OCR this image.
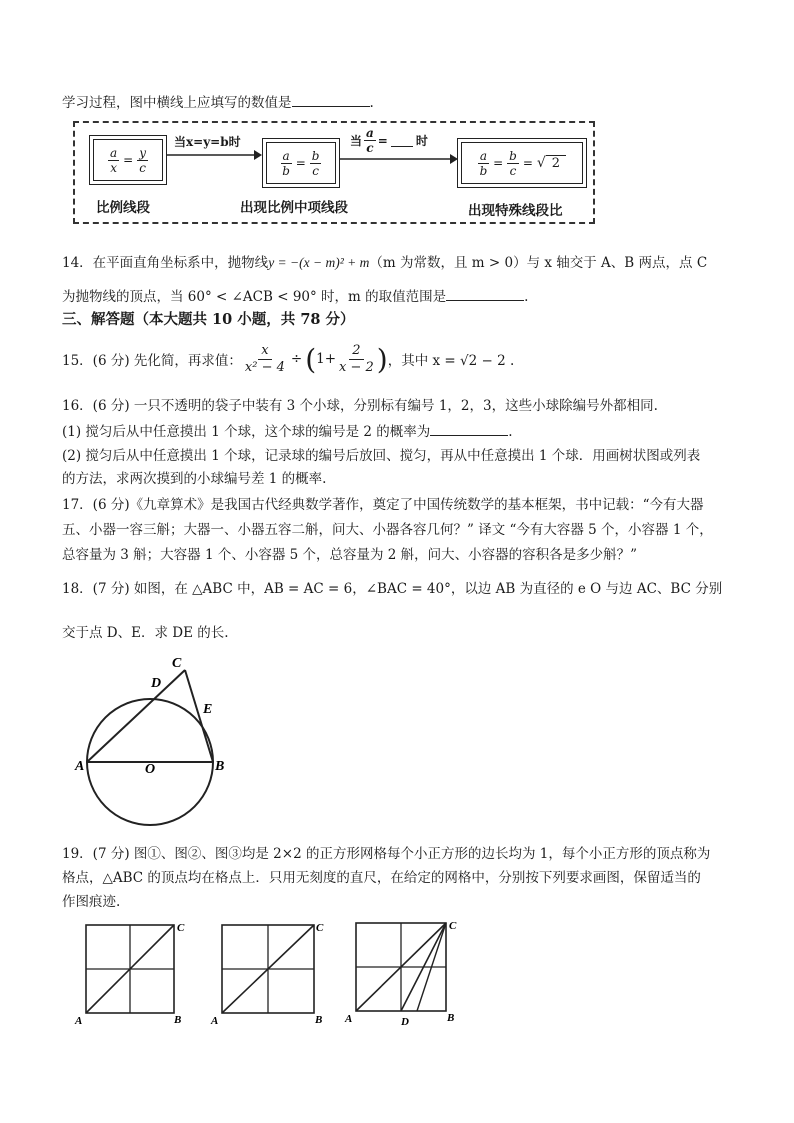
学习过程，图中横线上应填写的数值是	.
$\frac{a}{x} = \frac{y}{c}$
当x=y=b时
$\frac{a}{b} = \frac{b}{c}$
当 $\frac{a}{c}$ = 时
$\frac{a}{b} = \frac{b}{c}$ = √ 2
比例线段	出现比例中项线段	出现特殊线段比
14．在平面直角坐标系中，抛物线y = −(x − m)² + m（m 为常数，且 m > 0）与 x 轴交于 A、B 两点，点 C
为抛物线的顶点，当 60° < ∠ACB < 90° 时，m 的取值范围是	.
三、解答题（本大题共 10 小题，共 78 分）
15．(6 分) 先化简，再求值： $\frac{x}{\text{x² − 4}}$ ÷ ( $1+ \frac{2}{x - 2}$ ) ，其中 x = √2 − 2 .
16．(6 分) 一只不透明的袋子中装有 3 个小球，分别标有编号 1，2，3，这些小球除编号外都相同.
(1) 搅匀后从中任意摸出 1 个球，这个球的编号是 2 的概率为	.
(2) 搅匀后从中任意摸出 1 个球，记录球的编号后放回、搅匀，再从中任意摸出 1 个球．用画树状图或列表
的方法，求两次摸到的小球编号差 1 的概率.
17．(6 分)《九章算术》是我国古代经典数学著作，奠定了中国传统数学的基本框架，书中记载：“今有大器
五、小器一容三斛；大器一、小器五容二斛，问大、小器各容几何？” 译文 “今有大容器 5 个，小容器 1 个，
总容量为 3 斛；大容器 1 个、小容器 5 个，总容量为 2 斛，问大、小容器的容积各是多少斛？”
18．(7 分) 如图，在 △ABC 中，AB = AC = 6，∠BAC = 40°，以边 AB 为直径的 e O 与边 AC、BC 分别
交于点 D、E．求 DE 的长.
A	B
C
D
E
O
19．(7 分) 图①、图②、图③均是 2×2 的正方形网格每个小正方形的边长均为 1，每个小正方形的顶点称为
格点，△ABC 的顶点均在格点上．只用无刻度的直尺，在给定的网格中，分别按下列要求画图，保留适当的
作图痕迹.
A	B
C
A	B
C
A	D	B
C
